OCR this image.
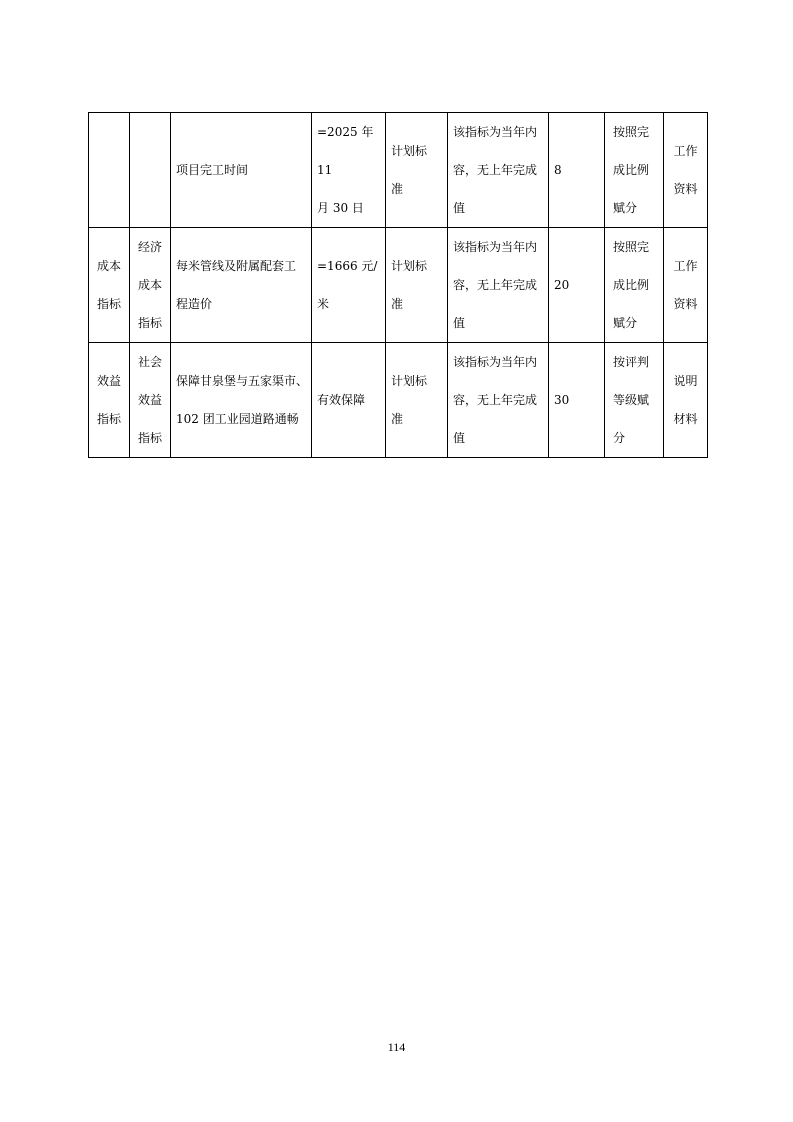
		项目完工时间	=2025 年 11
月 30 日	计划标
准	该指标为当年内
容，无上年完成
值	8	按照完
成比例
赋分	工作
资料

成本
指标	经济
成本
指标	每米管线及附属配套工
程造价	=1666 元/
米	计划标
准	该指标为当年内
容，无上年完成
值	20	按照完
成比例
赋分	工作
资料

效益
指标	社会
效益
指标	保障甘泉堡与五家渠市、
102 团工业园道路通畅	有效保障	计划标
准	该指标为当年内
容，无上年完成
值	30	按评判
等级赋
分	说明
材料
114
